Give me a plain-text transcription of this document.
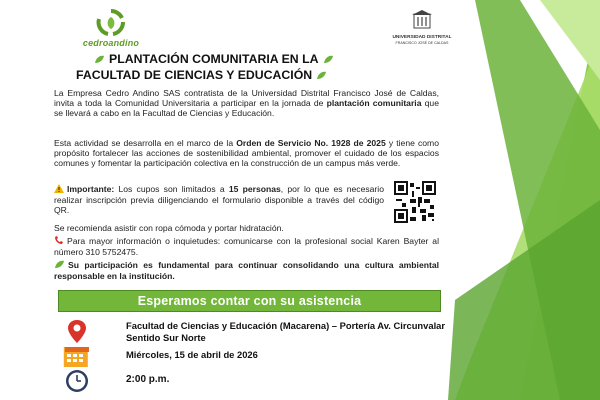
cedroandino
UNIVERSIDAD DISTRITAL
FRANCISCO JOSÉ DE CALDAS
PLANTACIÓN COMUNITARIA EN LA
FACULTAD DE CIENCIAS Y EDUCACIÓN
La Empresa Cedro Andino SAS contratista de la Universidad Distrital Francisco José de Caldas, invita a toda la Comunidad Universitaria a participar en la jornada de plantación comunitaria que se llevará a cabo en la Facultad de Ciencias y Educación.
Esta actividad se desarrolla en el marco de la Orden de Servicio No. 1928 de 2025 y tiene como propósito fortalecer las acciones de sostenibilidad ambiental, promover el cuidado de los espacios comunes y fomentar la participación colectiva en la construcción de un campus más verde.
Importante: Los cupos son limitados a 15 personas, por lo que es necesario realizar inscripción previa diligenciando el formulario disponible a través del código QR.
Se recomienda asistir con ropa cómoda y portar hidratación.
Para mayor información o inquietudes: comunicarse con la profesional social Karen Bayter al número 310 5752475.
Su participación es fundamental para continuar consolidando una cultura ambiental responsable en la institución.
Esperamos contar con su asistencia
Facultad de Ciencias y Educación (Macarena) – Portería Av. Circunvalar Sentido Sur Norte
Miércoles, 15 de abril de 2026
2:00 p.m.
